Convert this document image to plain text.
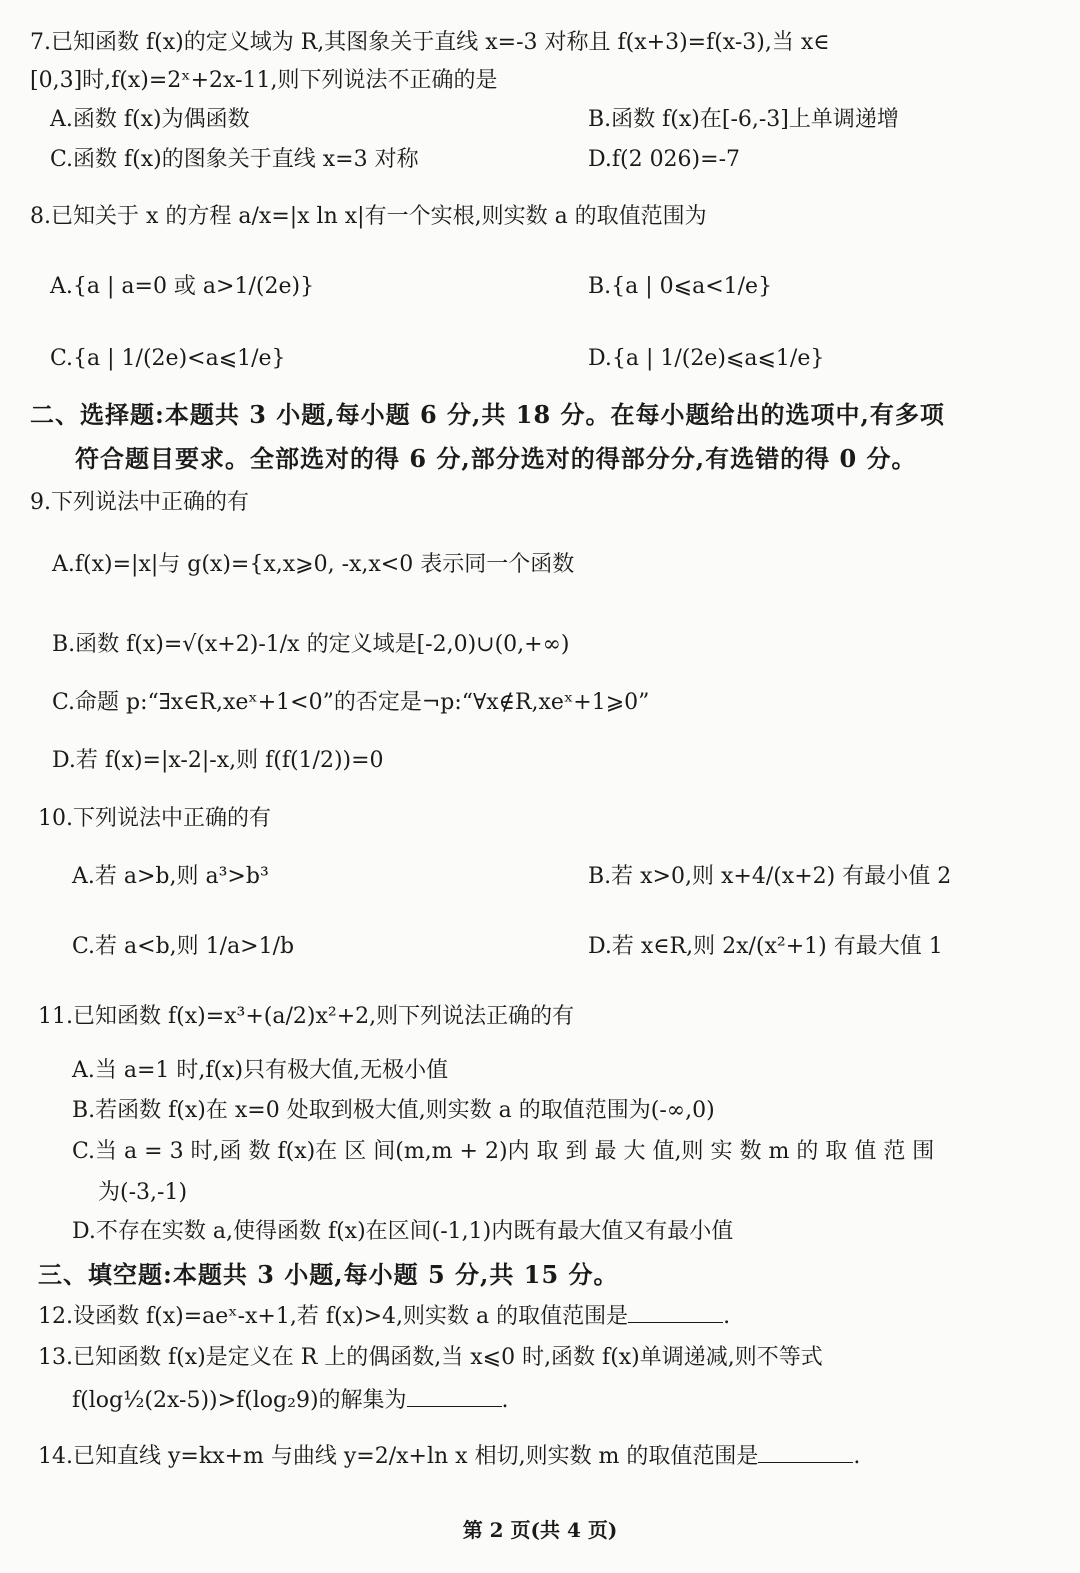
7.已知函数 f(x)的定义域为 R,其图象关于直线 x=-3 对称且 f(x+3)=f(x-3),当 x∈
[0,3]时,f(x)=2ˣ+2x-11,则下列说法不正确的是
A.函数 f(x)为偶函数	B.函数 f(x)在[-6,-3]上单调递增
C.函数 f(x)的图象关于直线 x=3 对称	D.f(2 026)=-7
8.已知关于 x 的方程 a/x=|x ln x|有一个实根,则实数 a 的取值范围为
A.{a | a=0 或 a>1/(2e)}	B.{a | 0⩽a<1/e}
C.{a | 1/(2e)<a⩽1/e}	D.{a | 1/(2e)⩽a⩽1/e}
二、选择题:本题共 3 小题,每小题 6 分,共 18 分。在每小题给出的选项中,有多项
符合题目要求。全部选对的得 6 分,部分选对的得部分分,有选错的得 0 分。
9.下列说法中正确的有
A.f(x)=|x|与 g(x)={x,x⩾0, -x,x<0 表示同一个函数
B.函数 f(x)=√(x+2)-1/x 的定义域是[-2,0)∪(0,+∞)
C.命题 p:“∃x∈R,xeˣ+1<0”的否定是¬p:“∀x∉R,xeˣ+1⩾0”
D.若 f(x)=|x-2|-x,则 f(f(1/2))=0
10.下列说法中正确的有
A.若 a>b,则 a³>b³	B.若 x>0,则 x+4/(x+2) 有最小值 2
C.若 a<b,则 1/a>1/b	D.若 x∈R,则 2x/(x²+1) 有最大值 1
11.已知函数 f(x)=x³+(a/2)x²+2,则下列说法正确的有
A.当 a=1 时,f(x)只有极大值,无极小值
B.若函数 f(x)在 x=0 处取到极大值,则实数 a 的取值范围为(-∞,0)
C.当 a = 3 时,函 数 f(x)在 区 间(m,m + 2)内 取 到 最 大 值,则 实 数 m 的 取 值 范 围
为(-3,-1)
D.不存在实数 a,使得函数 f(x)在区间(-1,1)内既有最大值又有最小值
三、填空题:本题共 3 小题,每小题 5 分,共 15 分。
12.设函数 f(x)=aeˣ-x+1,若 f(x)>4,则实数 a 的取值范围是	.
13.已知函数 f(x)是定义在 R 上的偶函数,当 x⩽0 时,函数 f(x)单调递减,则不等式
f(log½(2x-5))>f(log₂9)的解集为	.
14.已知直线 y=kx+m 与曲线 y=2/x+ln x 相切,则实数 m 的取值范围是	.
第 2 页(共 4 页)
